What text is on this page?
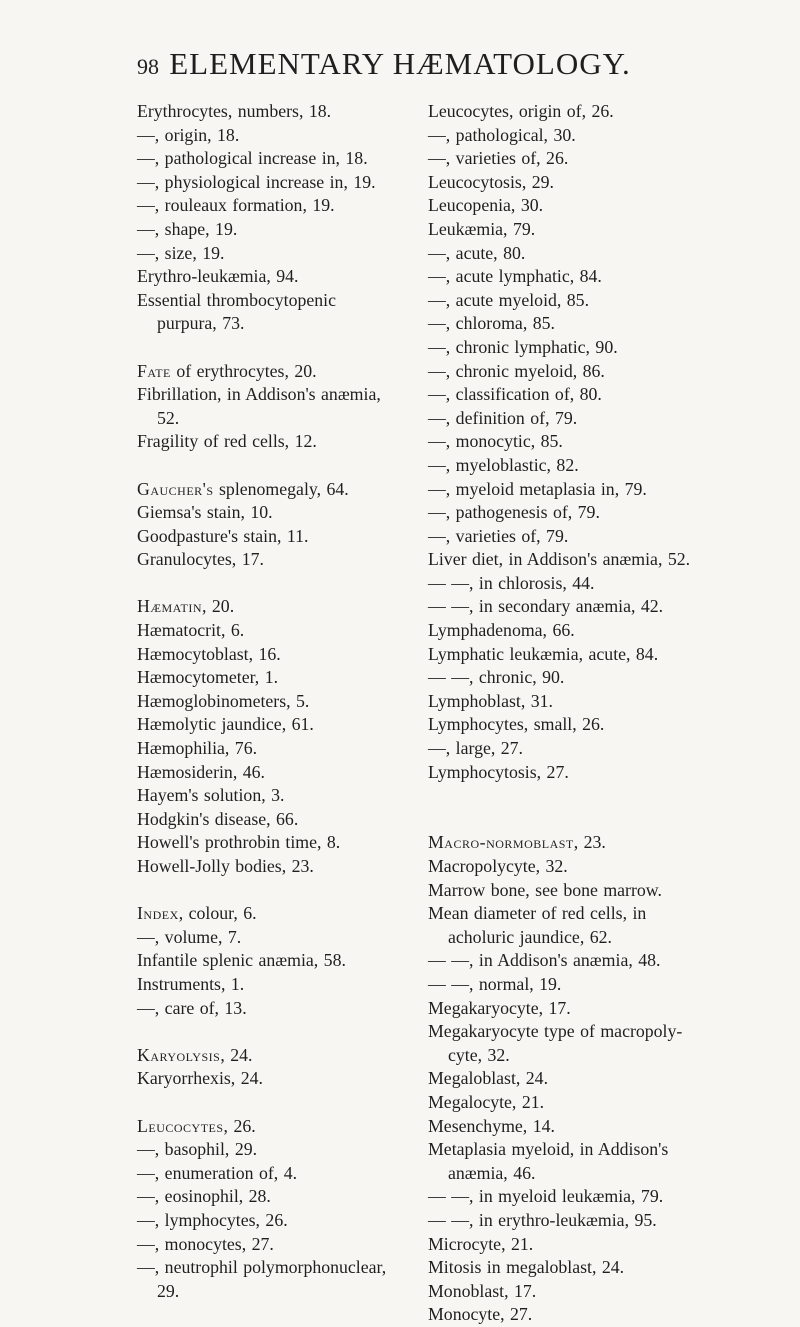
98 ELEMENTARY HÆMATOLOGY.
Erythrocytes, numbers, 18.
—, origin, 18.
—, pathological increase in, 18.
—, physiological increase in, 19.
—, rouleaux formation, 19.
—, shape, 19.
—, size, 19.
Erythro-leukæmia, 94.
Essential thrombocytopenic purpura, 73.
Fate of erythrocytes, 20.
Fibrillation, in Addison's anæmia, 52.
Fragility of red cells, 12.
Gaucher's splenomegaly, 64.
Giemsa's stain, 10.
Goodpasture's stain, 11.
Granulocytes, 17.
Hæmatin, 20.
Hæmatocrit, 6.
Hæmocytoblast, 16.
Hæmocytometer, 1.
Hæmoglobinometers, 5.
Hæmolytic jaundice, 61.
Hæmophilia, 76.
Hæmosiderin, 46.
Hayem's solution, 3.
Hodgkin's disease, 66.
Howell's prothrobin time, 8.
Howell-Jolly bodies, 23.
Index, colour, 6.
—, volume, 7.
Infantile splenic anæmia, 58.
Instruments, 1.
—, care of, 13.
Karyolysis, 24.
Karyorrhexis, 24.
Leucocytes, 26.
—, basophil, 29.
—, enumeration of, 4.
—, eosinophil, 28.
—, lymphocytes, 26.
—, monocytes, 27.
—, neutrophil polymorphonuclear, 29.
Leucocytes, origin of, 26.
—, pathological, 30.
—, varieties of, 26.
Leucocytosis, 29.
Leucopenia, 30.
Leukæmia, 79.
—, acute, 80.
—, acute lymphatic, 84.
—, acute myeloid, 85.
—, chloroma, 85.
—, chronic lymphatic, 90.
—, chronic myeloid, 86.
—, classification of, 80.
—, definition of, 79.
—, monocytic, 85.
—, myeloblastic, 82.
—, myeloid metaplasia in, 79.
—, pathogenesis of, 79.
—, varieties of, 79.
Liver diet, in Addison's anæmia, 52.
— —, in chlorosis, 44.
— —, in secondary anæmia, 42.
Lymphadenoma, 66.
Lymphatic leukæmia, acute, 84.
— —, chronic, 90.
Lymphoblast, 31.
Lymphocytes, small, 26.
—, large, 27.
Lymphocytosis, 27.
Macro-normoblast, 23.
Macropolycyte, 32.
Marrow bone, see bone marrow.
Mean diameter of red cells, in acholuric jaundice, 62.
— —, in Addison's anæmia, 48.
— —, normal, 19.
Megakaryocyte, 17.
Megakaryocyte type of macropoly-cyte, 32.
Megaloblast, 24.
Megalocyte, 21.
Mesenchyme, 14.
Metaplasia myeloid, in Addison's anæmia, 46.
— —, in myeloid leukæmia, 79.
— —, in erythro-leukæmia, 95.
Microcyte, 21.
Mitosis in megaloblast, 24.
Monoblast, 17.
Monocyte, 27.
